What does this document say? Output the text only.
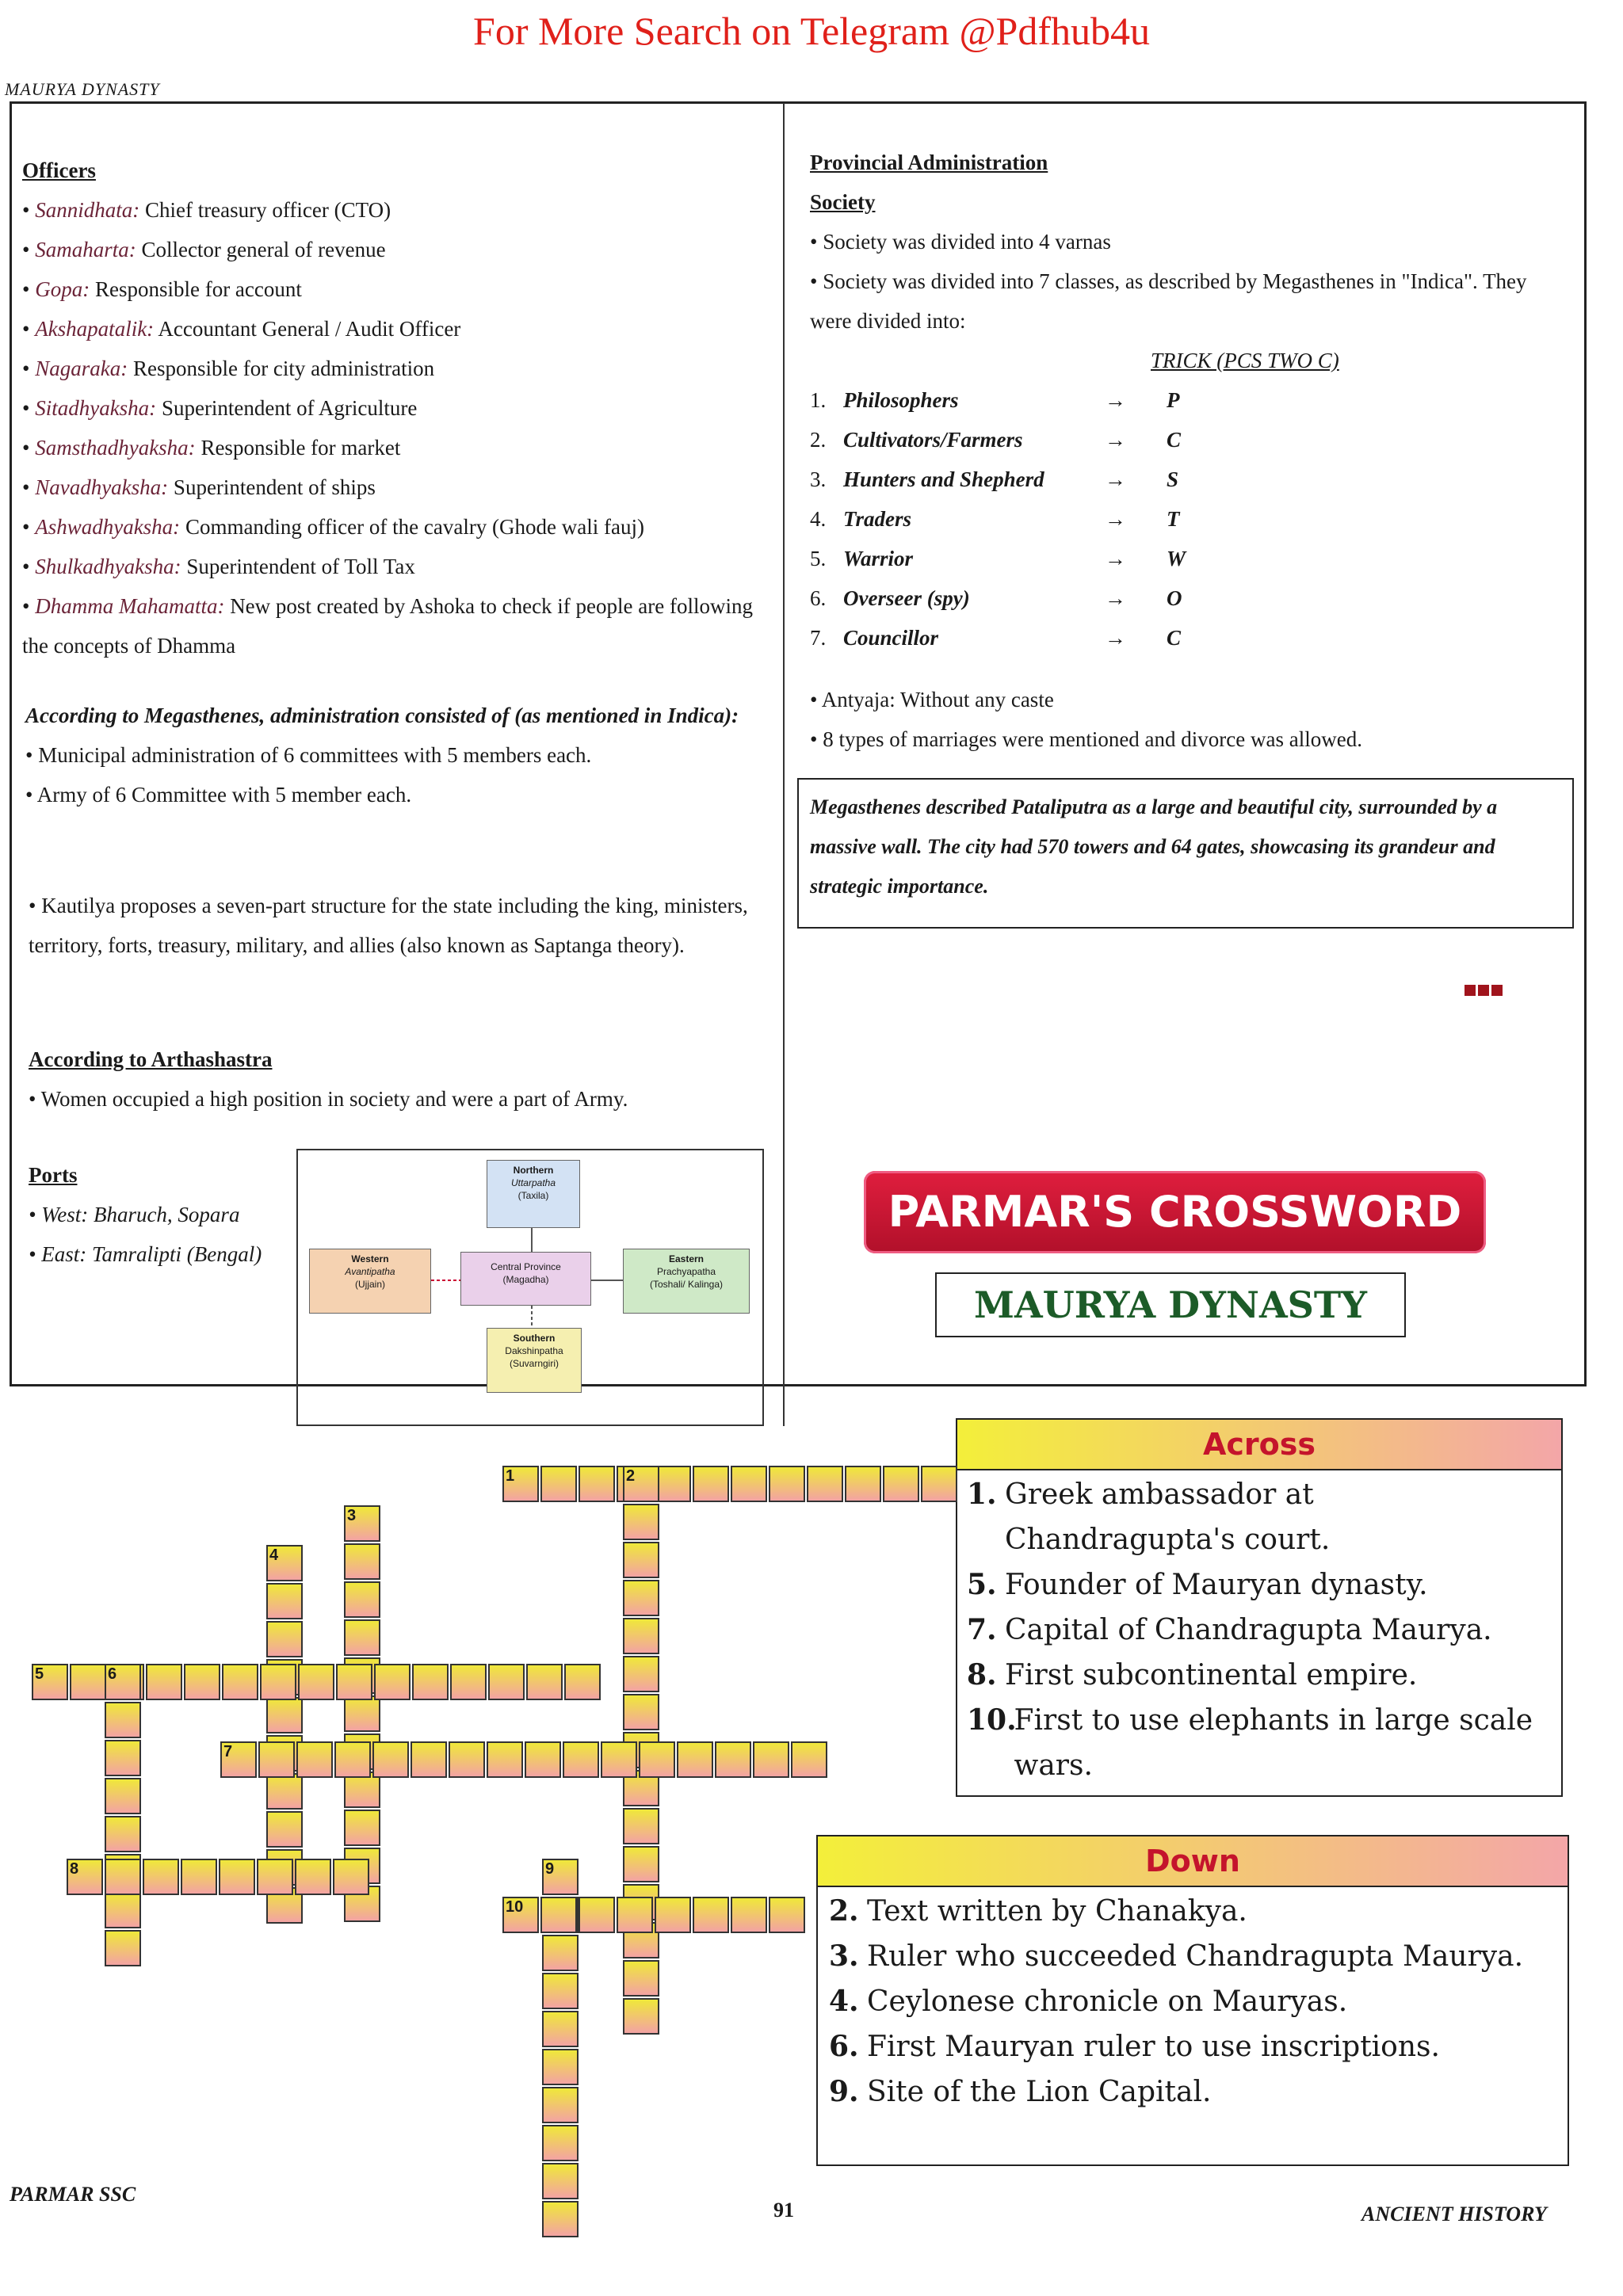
For More Search on Telegram @Pdfhub4u
MAURYA DYNASTY
Officers
• Sannidhata: Chief treasury officer (CTO)
• Samaharta: Collector general of revenue
• Gopa: Responsible for account
• Akshapatalik: Accountant General / Audit Officer
• Nagaraka: Responsible for city administration
• Sitadhyaksha: Superintendent of Agriculture
• Samsthadhyaksha: Responsible for market
• Navadhyaksha: Superintendent of ships
• Ashwadhyaksha: Commanding officer of the cavalry (Ghode wali fauj)
• Shulkadhyaksha: Superintendent of Toll Tax
• Dhamma Mahamatta: New post created by Ashoka to check if people are following the concepts of Dhamma
According to Megasthenes, administration consisted of (as mentioned in Indica):
• Municipal administration of 6 committees with 5 members each.
• Army of 6 Committee with 5 member each.
• Kautilya proposes a seven-part structure for the state including the king, ministers, territory, forts, treasury, military, and allies (also known as Saptanga theory).
According to Arthashastra
• Women occupied a high position in society and were a part of Army.
Ports
• West: Bharuch, Sopara
• East: Tamralipti (Bengal)
Northern
Uttarpatha
(Taxila)
Western
Avantipatha
(Ujjain)
Central Province
(Magadha)
Eastern
Prachyapatha
(Toshali/ Kalinga)
Southern
Dakshinpatha
(Suvarngiri)
Provincial Administration
Society
• Society was divided into 4 varnas
• Society was divided into 7 classes, as described by Megasthenes in "Indica". They were divided into:
TRICK (PCS TWO C)
1. Philosophers	→	P
2. Cultivators/Farmers	→	C
3. Hunters and Shepherd	→	S
4. Traders	→	T
5. Warrior	→	W
6. Overseer (spy)	→	O
7. Councillor	→	C
• Antyaja: Without any caste
• 8 types of marriages were mentioned and divorce was allowed.
Megasthenes described Pataliputra as a large and beautiful city, surrounded by a massive wall. The city had 570 towers and 64 gates, showcasing its grandeur and strategic importance.
PARMAR'S CROSSWORD
MAURYA DYNASTY
Across
1. Greek ambassador at Chandragupta's court.
5. Founder of Mauryan dynasty.
7. Capital of Chandragupta Maurya.
8. First subcontinental empire.
10.
First to use elephants in large scale wars.
Down
2. Text written by Chanakya.
3. Ruler who succeeded Chandragupta Maurya.
4. Ceylonese chronicle on Mauryas.
6. First Mauryan ruler to use inscriptions.
9. Site of the Lion Capital.
1	2
3
4
5	6
7
8	9
10
PARMAR SSC
91	ANCIENT HISTORY
